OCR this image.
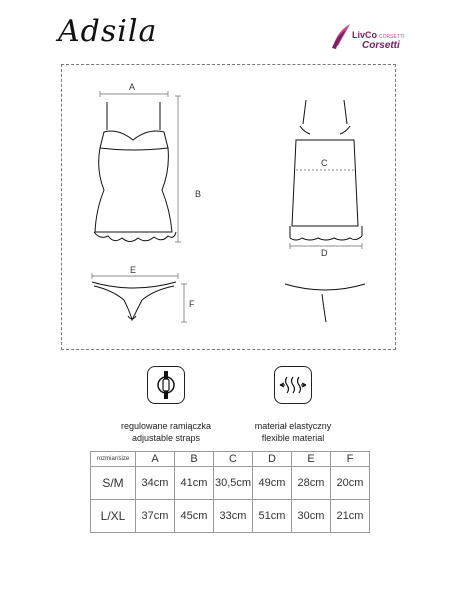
Adsila	LivCo CORSETTI
Corsetti
A
B
C
D
E
F
regulowane ramiączka
adjustable straps
materiał elastyczny
flexible material
rozmiar/size	A	B	C	D	E	F
S/M	34cm	41cm	30,5cm	49cm	28cm	20cm
L/XL	37cm	45cm	33cm	51cm	30cm	21cm
